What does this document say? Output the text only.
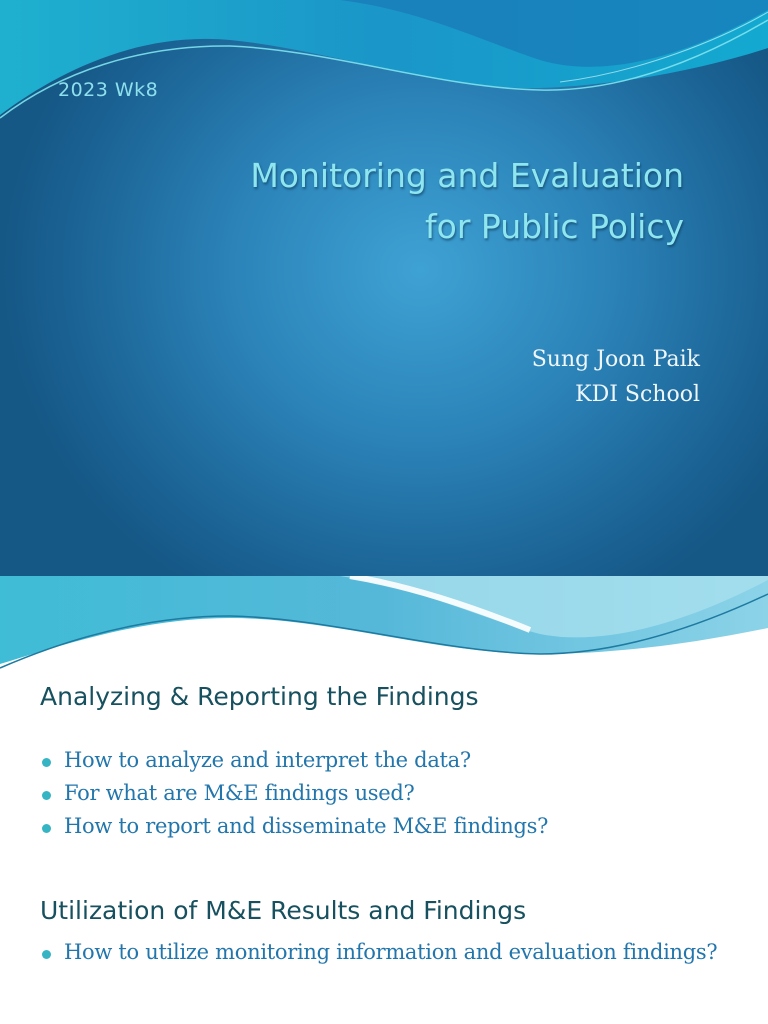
2023 Wk8
Monitoring and Evaluation
for Public Policy
Sung Joon Paik
KDI School
Analyzing & Reporting the Findings
How to analyze and interpret the data?
For what are M&E findings used?
How to report and disseminate M&E findings?
Utilization of M&E Results and Findings
How to utilize monitoring information and evaluation findings?
